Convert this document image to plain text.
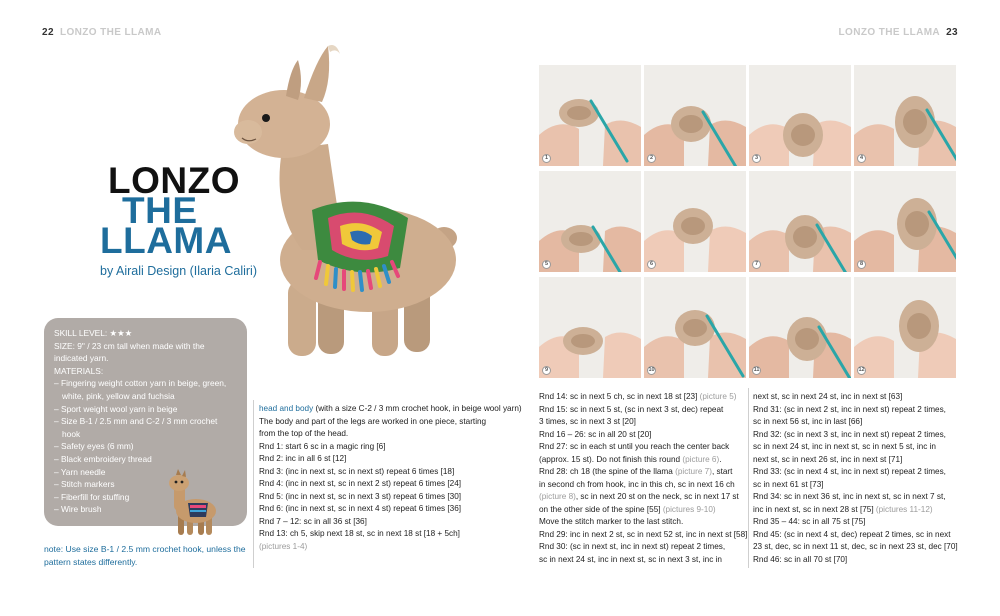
22 LONZO THE LLAMA	LONZO THE LLAMA 23
LONZO
THE
LLAMA
by Airali Design (Ilaria Caliri)
SKILL LEVEL: ★★★
SIZE: 9" / 23 cm tall when made with the indicated yarn.
MATERIALS:
– Fingering weight cotton yarn in beige, green, white, pink, yellow and fuchsia
– Sport weight wool yarn in beige
– Size B-1 / 2.5 mm and C-2 / 3 mm crochet hook
– Safety eyes (6 mm)
– Black embroidery thread
– Yarn needle
– Stitch markers
– Fiberfill for stuffing
– Wire brush
note: Use size B-1 / 2.5 mm crochet hook, unless the pattern states differently.
head and body (with a size C-2 / 3 mm crochet hook, in beige wool yarn)
The body and part of the legs are worked in one piece, starting from the top of the head.
Rnd 1: start 6 sc in a magic ring [6]
Rnd 2: inc in all 6 st [12]
Rnd 3: (inc in next st, sc in next st) repeat 6 times [18]
Rnd 4: (inc in next st, sc in next 2 st) repeat 6 times [24]
Rnd 5: (inc in next st, sc in next 3 st) repeat 6 times [30]
Rnd 6: (inc in next st, sc in next 4 st) repeat 6 times [36]
Rnd 7 – 12: sc in all 36 st [36]
Rnd 13: ch 5, skip next 18 st, sc in next 18 st [18 + 5ch]
(pictures 1-4)
Rnd 14: sc in next 5 ch, sc in next 18 st [23] (picture 5)
Rnd 15: sc in next 5 st, (sc in next 3 st, dec) repeat
3 times, sc in next 3 st [20]
Rnd 16 – 26: sc in all 20 st [20]
Rnd 27: sc in each st until you reach the center back
(approx. 15 st). Do not finish this round (picture 6).
Rnd 28: ch 18 (the spine of the llama (picture 7), start
in second ch from hook, inc in this ch, sc in next 16 ch
(picture 8), sc in next 20 st on the neck, sc in next 17 st
on the other side of the spine [55] (pictures 9-10)
Move the stitch marker to the last stitch.
Rnd 29: inc in next 2 st, sc in next 52 st, inc in next st [58]
Rnd 30: (sc in next st, inc in next st) repeat 2 times,
sc in next 24 st, inc in next st, sc in next 3 st, inc in
next st, sc in next 24 st, inc in next st [63]
Rnd 31: (sc in next 2 st, inc in next st) repeat 2 times,
sc in next 56 st, inc in last [66]
Rnd 32: (sc in next 3 st, inc in next st) repeat 2 times,
sc in next 24 st, inc in next st, sc in next 5 st, inc in
next st, sc in next 26 st, inc in next st [71]
Rnd 33: (sc in next 4 st, inc in next st) repeat 2 times,
sc in next 61 st [73]
Rnd 34: sc in next 36 st, inc in next st, sc in next 7 st,
inc in next st, sc in next 28 st [75] (pictures 11-12)
Rnd 35 – 44: sc in all 75 st [75]
Rnd 45: (sc in next 4 st, dec) repeat 2 times, sc in next
23 st, dec, sc in next 11 st, dec, sc in next 23 st, dec [70]
Rnd 46: sc in all 70 st [70]
1	2	3	4
5	6	7	8
9	10	11	12
